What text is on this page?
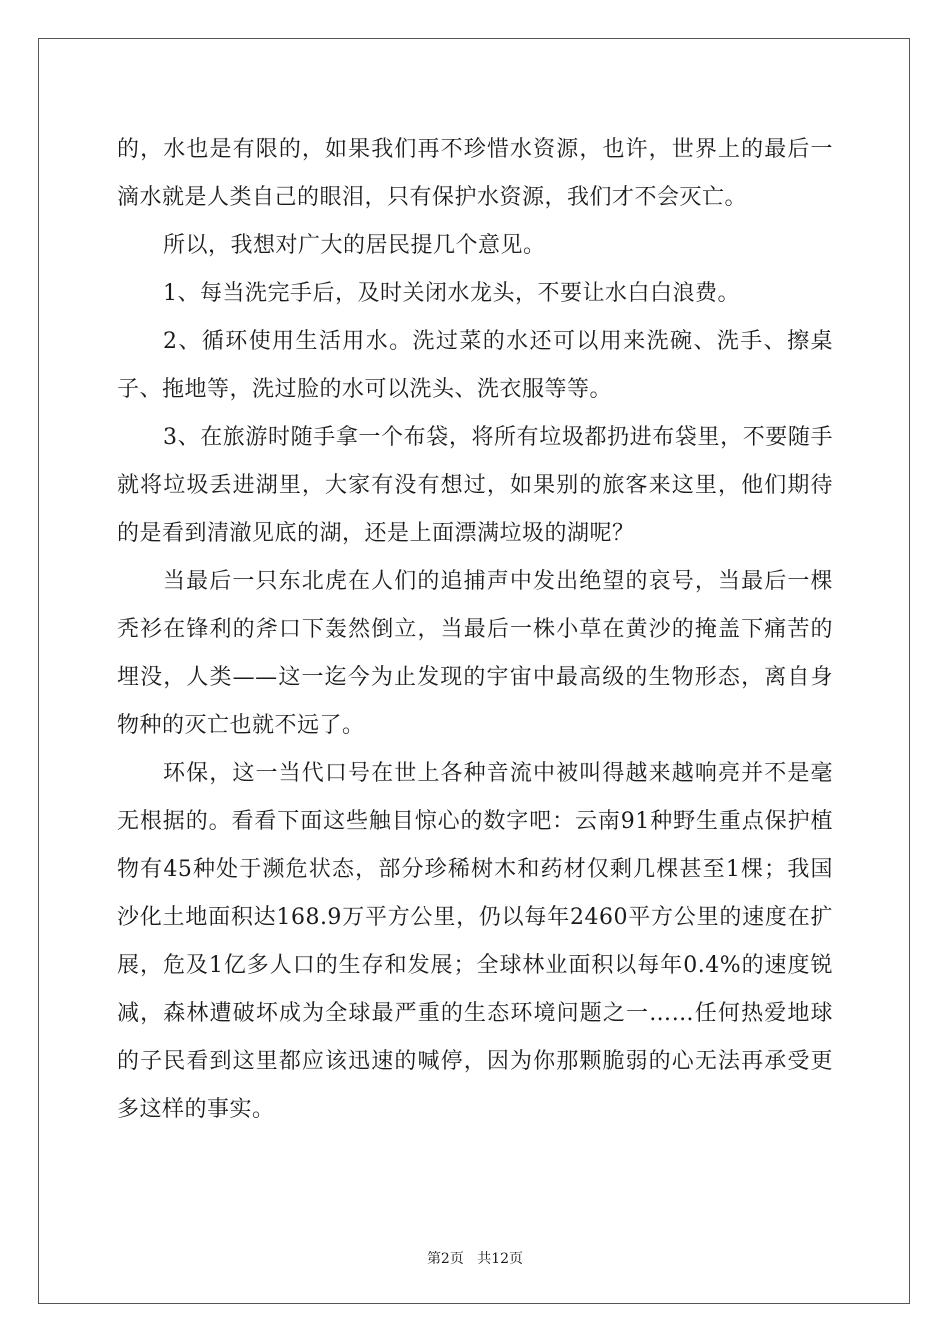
的，水也是有限的，如果我们再不珍惜水资源，也许，世界上的最后一滴水就是人类自己的眼泪，只有保护水资源，我们才不会灭亡。

所以，我想对广大的居民提几个意见。

1、每当洗完手后，及时关闭水龙头，不要让水白白浪费。

2、循环使用生活用水。洗过菜的水还可以用来洗碗、洗手、擦桌子、拖地等，洗过脸的水可以洗头、洗衣服等等。

3、在旅游时随手拿一个布袋，将所有垃圾都扔进布袋里，不要随手就将垃圾丢进湖里，大家有没有想过，如果别的旅客来这里，他们期待的是看到清澈见底的湖，还是上面漂满垃圾的湖呢？

当最后一只东北虎在人们的追捕声中发出绝望的哀号，当最后一棵秃衫在锋利的斧口下轰然倒立，当最后一株小草在黄沙的掩盖下痛苦的埋没，人类——这一迄今为止发现的宇宙中最高级的生物形态，离自身物种的灭亡也就不远了。

环保，这一当代口号在世上各种音流中被叫得越来越响亮并不是毫无根据的。看看下面这些触目惊心的数字吧：云南91种野生重点保护植物有45种处于濒危状态，部分珍稀树木和药材仅剩几棵甚至1棵；我国沙化土地面积达168.9万平方公里，仍以每年2460平方公里的速度在扩展，危及1亿多人口的生存和发展；全球林业面积以每年0.4%的速度锐减，森林遭破坏成为全球最严重的生态环境问题之一……任何热爱地球的子民看到这里都应该迅速的喊停，因为你那颗脆弱的心无法再承受更多这样的事实。

第2页 共12页
